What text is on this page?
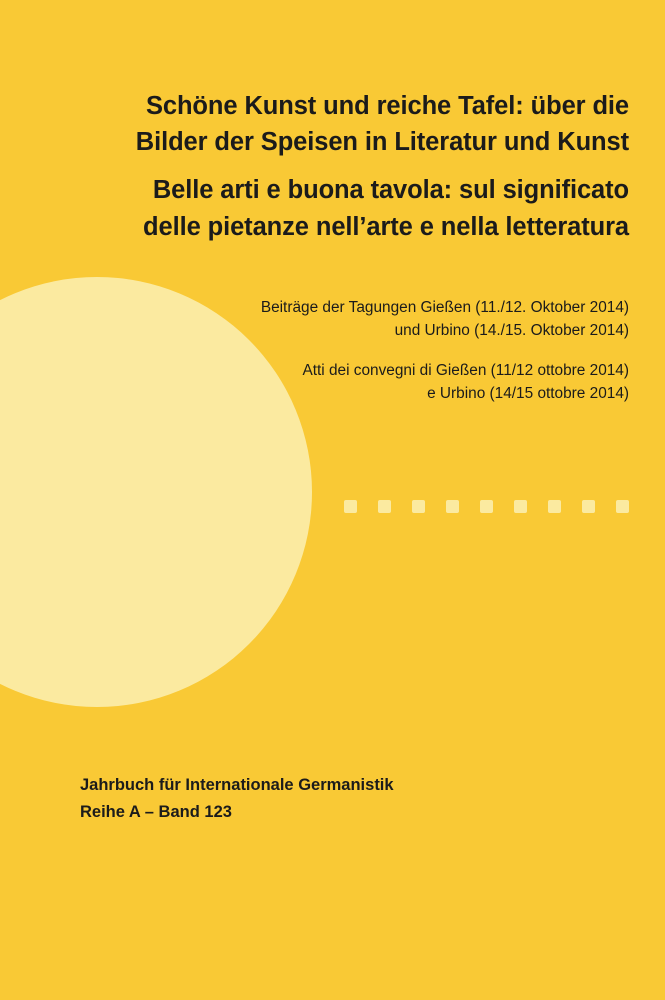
Schöne Kunst und reiche Tafel: über die
Bilder der Speisen in Literatur und Kunst
Belle arti e buona tavola: sul significato
delle pietanze nell’arte e nella letteratura
Beiträge der Tagungen Gießen (11./12. Oktober 2014)
und Urbino (14./15. Oktober 2014)
Atti dei convegni di Gießen (11/12 ottobre 2014)
e Urbino (14/15 ottobre 2014)
Jahrbuch für Internationale Germanistik
Reihe A – Band 123
